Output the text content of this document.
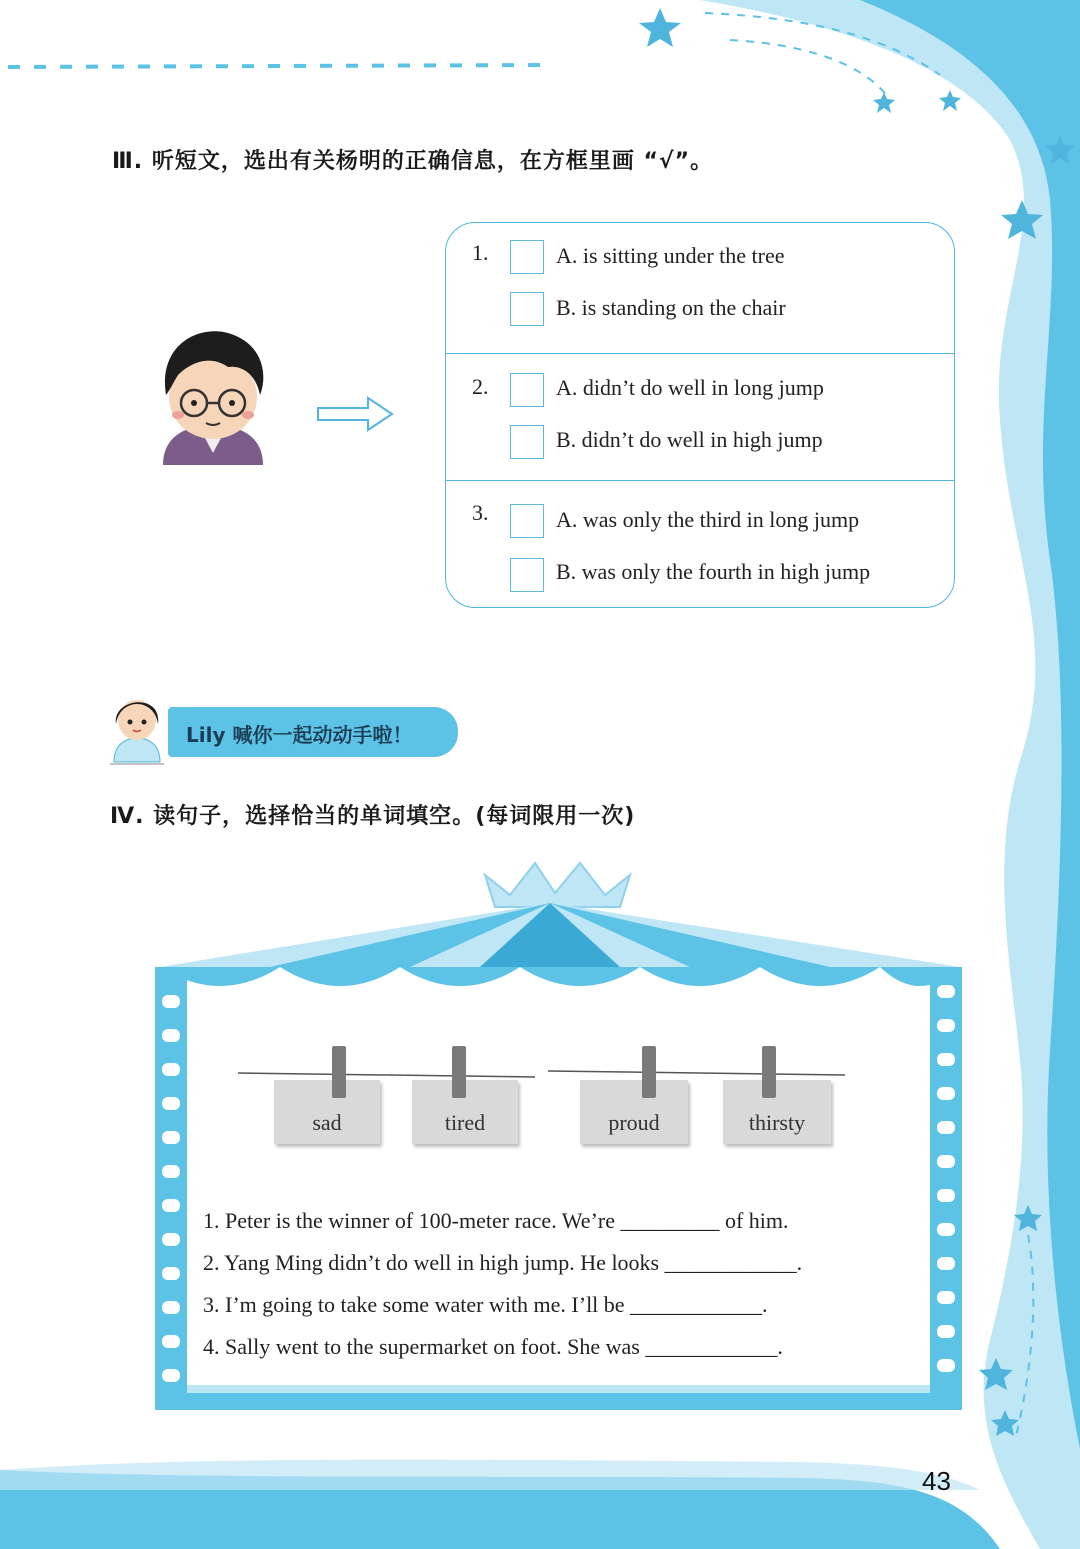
Ⅲ. 听短文，选出有关杨明的正确信息，在方框里画 “√”。
1.	A. is sitting under the tree
B. is standing on the chair
2.	A. didn’t do well in long jump
B. didn’t do well in high jump
3.	A. was only the third in long jump
B. was only the fourth in high jump
Lily 喊你一起动动手啦！
Ⅳ. 读句子，选择恰当的单词填空。(每词限用一次)
sad	tired	proud	thirsty
1. Peter is the winner of 100-meter race. We’re _________ of him.
2. Yang Ming didn’t do well in high jump. He looks ____________.
3. I’m going to take some water with me. I’ll be ____________.
4. Sally went to the supermarket on foot. She was ____________.
43
